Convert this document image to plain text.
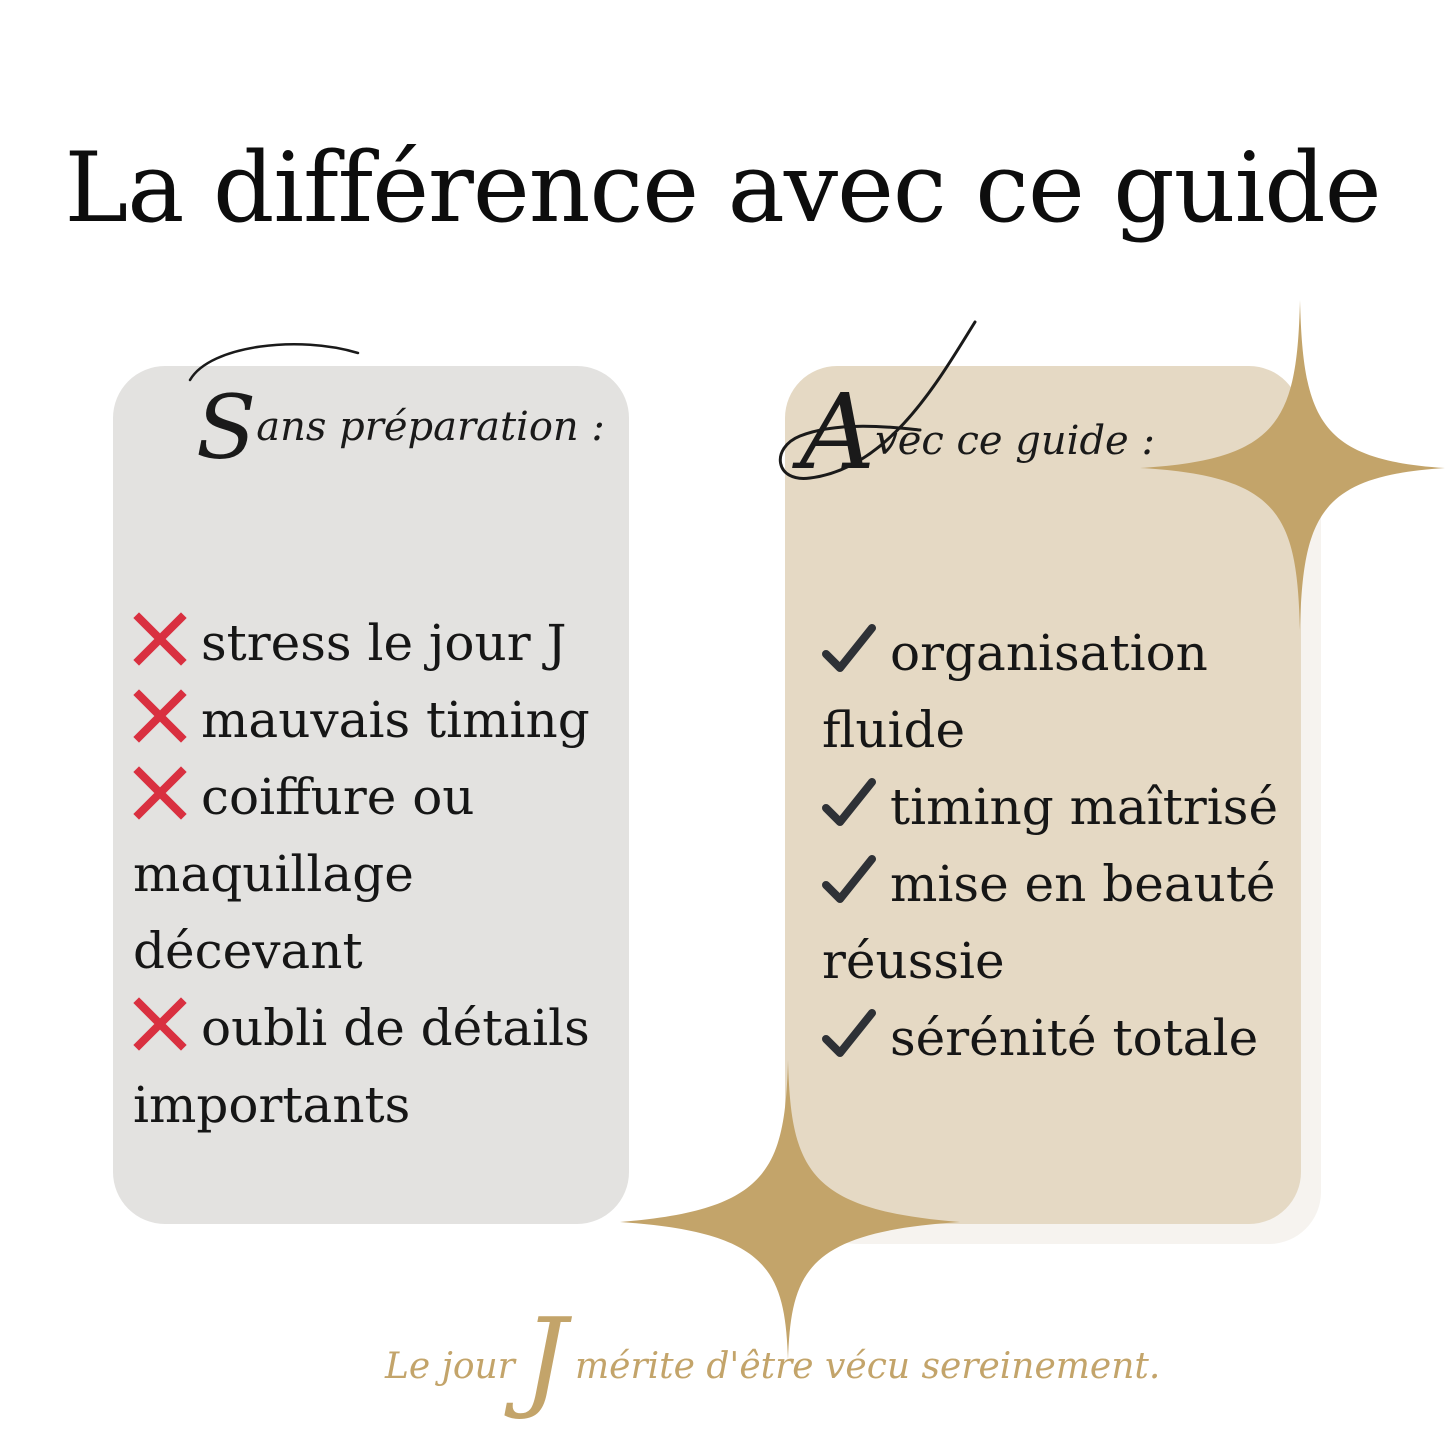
La différence avec ce guide
Sans préparation : Avec ce guide :
stress le jour J
mauvais timing
coiffure ou maquillage décevant
oubli de détails importants
organisation fluide
timing maîtrisé
mise en beauté réussie
sérénité totale
Le jourJ mérite d'être vécu sereinement.
